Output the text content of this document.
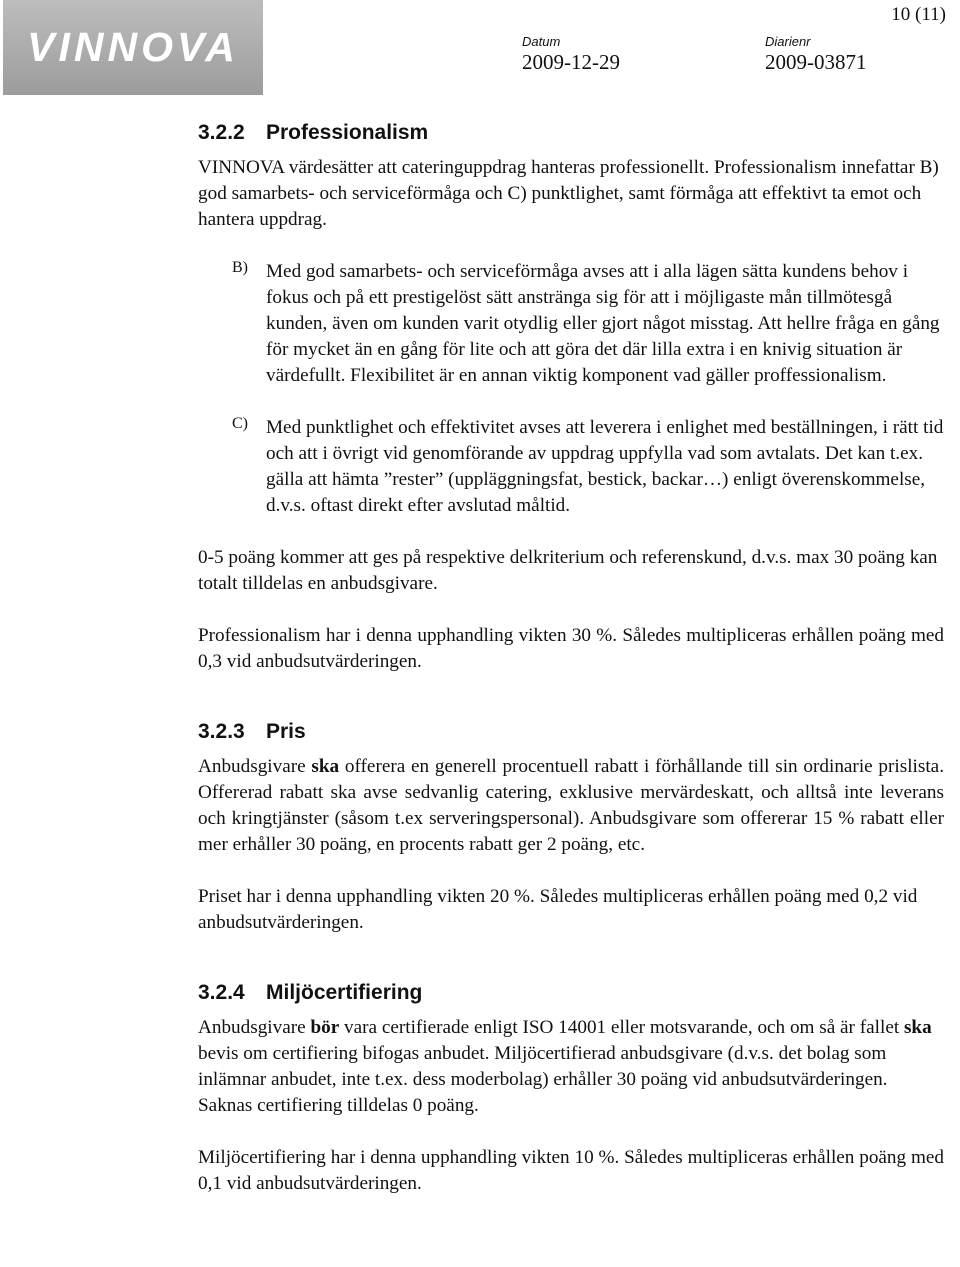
VINNOVA
10 (11)
Datum
2009-12-29
Diarienr
2009-03871
3.2.2 Professionalism

VINNOVA värdesätter att cateringuppdrag hanteras professionellt. Professionalism innefattar B) god samarbets- och serviceförmåga och C) punktlighet, samt förmåga att effektivt ta emot och hantera uppdrag.

B) Med god samarbets- och serviceförmåga avses att i alla lägen sätta kundens behov i fokus och på ett prestigelöst sätt anstränga sig för att i möjligaste mån tillmötesgå kunden, även om kunden varit otydlig eller gjort något misstag. Att hellre fråga en gång för mycket än en gång för lite och att göra det där lilla extra i en knivig situation är värdefullt. Flexibilitet är en annan viktig komponent vad gäller proffessionalism.

C) Med punktlighet och effektivitet avses att leverera i enlighet med beställningen, i rätt tid och att i övrigt vid genomförande av uppdrag uppfylla vad som avtalats. Det kan t.ex. gälla att hämta ”rester” (uppläggningsfat, bestick, backar…) enligt överenskommelse, d.v.s. oftast direkt efter avslutad måltid.

0-5 poäng kommer att ges på respektive delkriterium och referenskund, d.v.s. max 30 poäng kan totalt tilldelas en anbudsgivare.

Professionalism har i denna upphandling vikten 30 %. Således multipliceras erhållen poäng med 0,3 vid anbudsutvärderingen.

3.2.3 Pris

Anbudsgivare ska offerera en generell procentuell rabatt i förhållande till sin ordinarie prislista. Offererad rabatt ska avse sedvanlig catering, exklusive mervärdeskatt, och alltså inte leverans och kringtjänster (såsom t.ex serveringspersonal). Anbudsgivare som offererar 15 % rabatt eller mer erhåller 30 poäng, en procents rabatt ger 2 poäng, etc.

Priset har i denna upphandling vikten 20 %. Således multipliceras erhållen poäng med 0,2 vid anbudsutvärderingen.

3.2.4 Miljöcertifiering

Anbudsgivare bör vara certifierade enligt ISO 14001 eller motsvarande, och om så är fallet ska bevis om certifiering bifogas anbudet. Miljöcertifierad anbudsgivare (d.v.s. det bolag som inlämnar anbudet, inte t.ex. dess moderbolag) erhåller 30 poäng vid anbudsutvärderingen. Saknas certifiering tilldelas 0 poäng.

Miljöcertifiering har i denna upphandling vikten 10 %. Således multipliceras erhållen poäng med 0,1 vid anbudsutvärderingen.
